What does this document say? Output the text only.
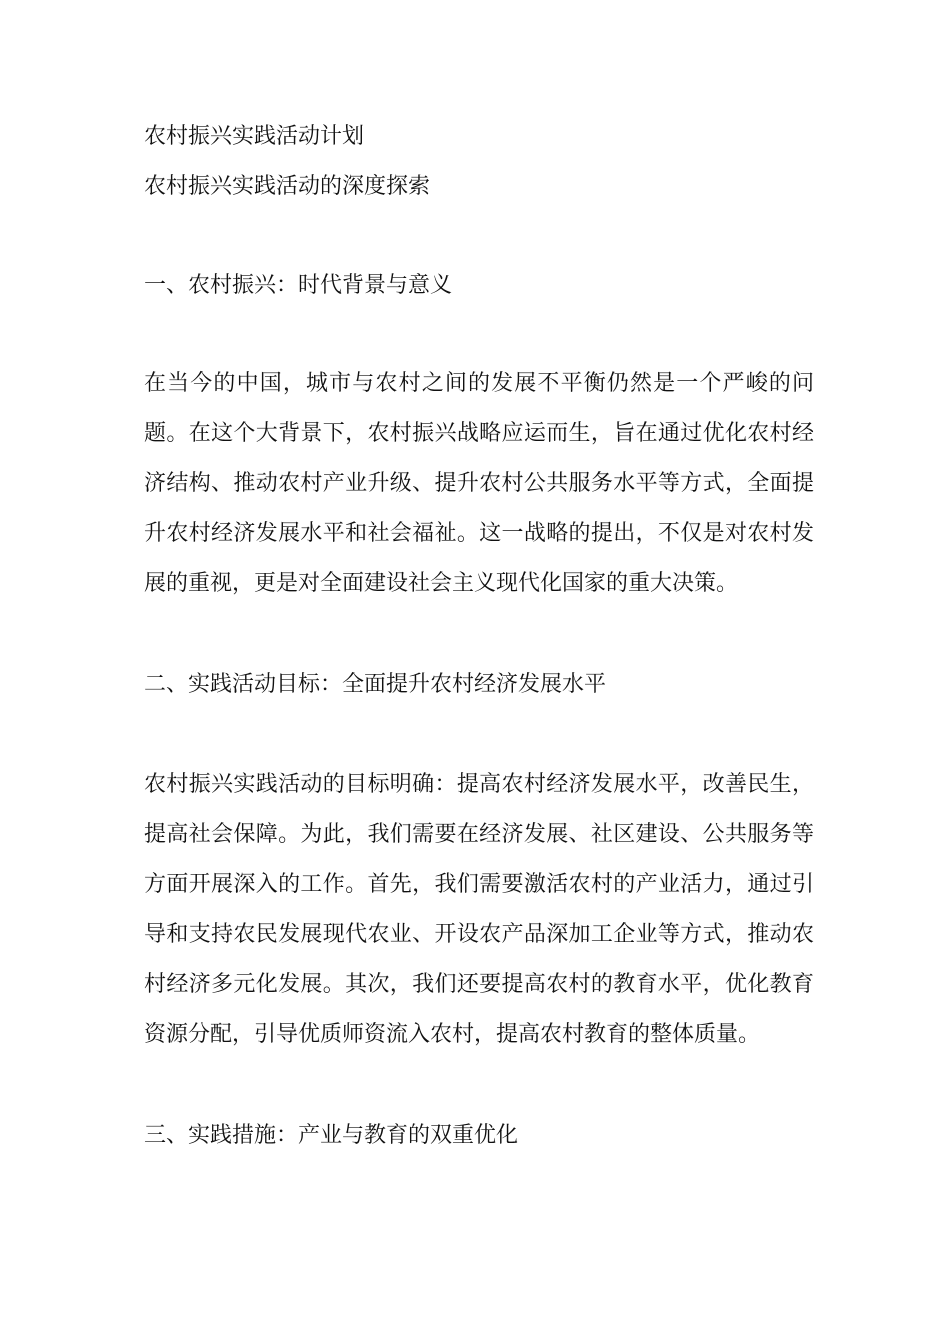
农村振兴实践活动计划
农村振兴实践活动的深度探索
一、农村振兴：时代背景与意义
在当今的中国，城市与农村之间的发展不平衡仍然是一个严峻的问题。在这个大背景下，农村振兴战略应运而生，旨在通过优化农村经济结构、推动农村产业升级、提升农村公共服务水平等方式，全面提升农村经济发展水平和社会福祉。这一战略的提出，不仅是对农村发展的重视，更是对全面建设社会主义现代化国家的重大决策。
二、实践活动目标：全面提升农村经济发展水平
农村振兴实践活动的目标明确：提高农村经济发展水平，改善民生，提高社会保障。为此，我们需要在经济发展、社区建设、公共服务等方面开展深入的工作。首先，我们需要激活农村的产业活力，通过引导和支持农民发展现代农业、开设农产品深加工企业等方式，推动农村经济多元化发展。其次，我们还要提高农村的教育水平，优化教育资源分配，引导优质师资流入农村，提高农村教育的整体质量。
三、实践措施：产业与教育的双重优化
